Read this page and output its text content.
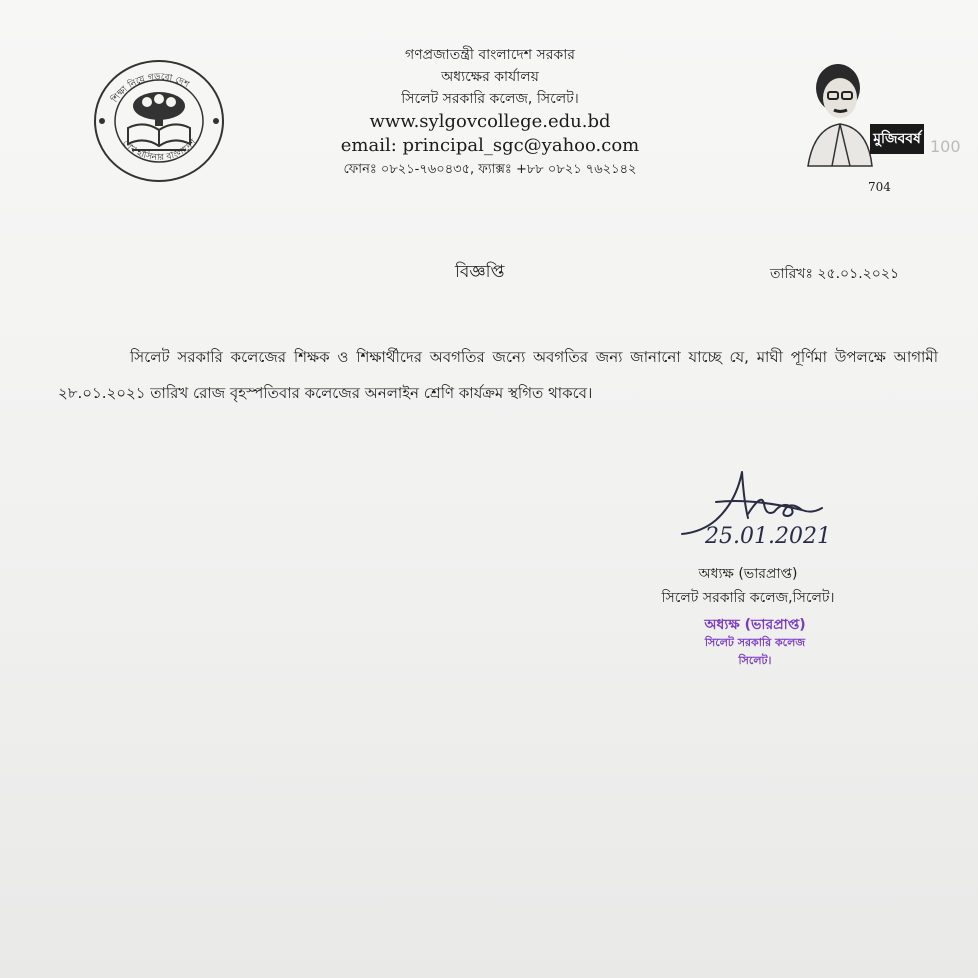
শিক্ষা নিয়ে গড়বো দেশ
শেখ হাসিনার বাংলাদেশ
গণপ্রজাতন্ত্রী বাংলাদেশ সরকার
অধ্যক্ষের কার্যালয়
সিলেট সরকারি কলেজ, সিলেট।
www.sylgovcollege.edu.bd
email: principal_sgc@yahoo.com
ফোনঃ ০৮২১-৭৬০৪৩৫, ফ্যাক্সঃ +৮৮ ০৮২১ ৭৬২১৪২
মুজিববর্ষ 100
704
বিজ্ঞপ্তি	তারিখঃ ২৫.০১.২০২১
সিলেট সরকারি কলেজের শিক্ষক ও শিক্ষার্থীদের অবগতির জন্যে অবগতির জন্য জানানো যাচ্ছে যে, মাঘী পূর্ণিমা উপলক্ষে আগামী ২৮.০১.২০২১ তারিখ রোজ বৃহস্পতিবার কলেজের অনলাইন শ্রেণি কার্যক্রম স্থগিত থাকবে।
25.01.2021
অধ্যক্ষ (ভারপ্রাপ্ত)
সিলেট সরকারি কলেজ,সিলেট।
অধ্যক্ষ (ভারপ্রাপ্ত)
সিলেট সরকারি কলেজ
সিলেট।
